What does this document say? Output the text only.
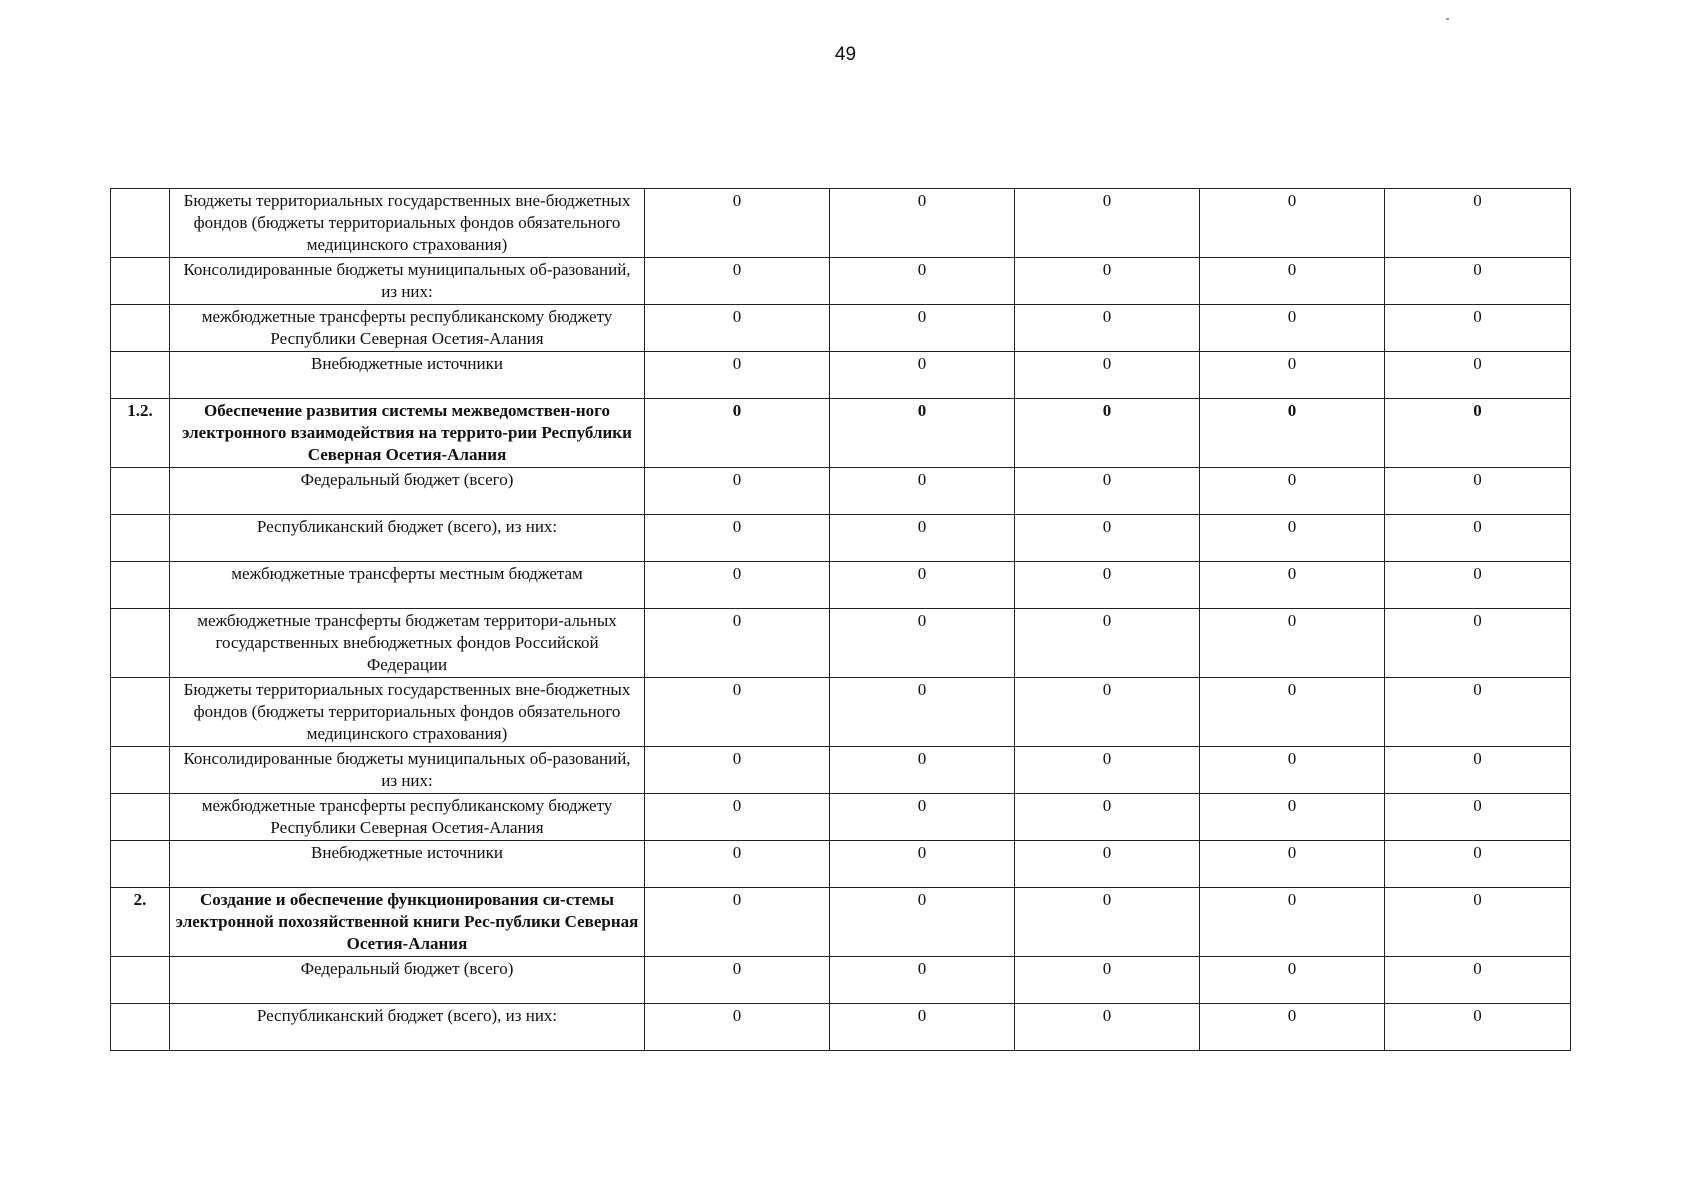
49
	Бюджеты территориальных государственных вне-бюджетных фондов (бюджеты территориальных фондов обязательного медицинского страхования)	0	0	0	0	0
	Консолидированные бюджеты муниципальных об-разований, из них:	0	0	0	0	0
	межбюджетные трансферты республиканскому бюджету Республики Северная Осетия-Алания	0	0	0	0	0
	Внебюджетные источники	0	0	0	0	0
1.2.	Обеспечение развития системы межведомствен-ного электронного взаимодействия на террито-рии Республики Северная Осетия-Алания	0	0	0	0	0
	Федеральный бюджет (всего)	0	0	0	0	0
	Республиканский бюджет (всего), из них:	0	0	0	0	0
	межбюджетные трансферты местным бюджетам	0	0	0	0	0
	межбюджетные трансферты бюджетам территори-альных государственных внебюджетных фондов Российской Федерации	0	0	0	0	0
	Бюджеты территориальных государственных вне-бюджетных фондов (бюджеты территориальных фондов обязательного медицинского страхования)	0	0	0	0	0
	Консолидированные бюджеты муниципальных об-разований, из них:	0	0	0	0	0
	межбюджетные трансферты республиканскому бюджету Республики Северная Осетия-Алания	0	0	0	0	0
	Внебюджетные источники	0	0	0	0	0
2.	Создание и обеспечение функционирования си-стемы электронной похозяйственной книги Рес-публики Северная Осетия-Алания	0	0	0	0	0
	Федеральный бюджет (всего)	0	0	0	0	0
	Республиканский бюджет (всего), из них:	0	0	0	0	0
